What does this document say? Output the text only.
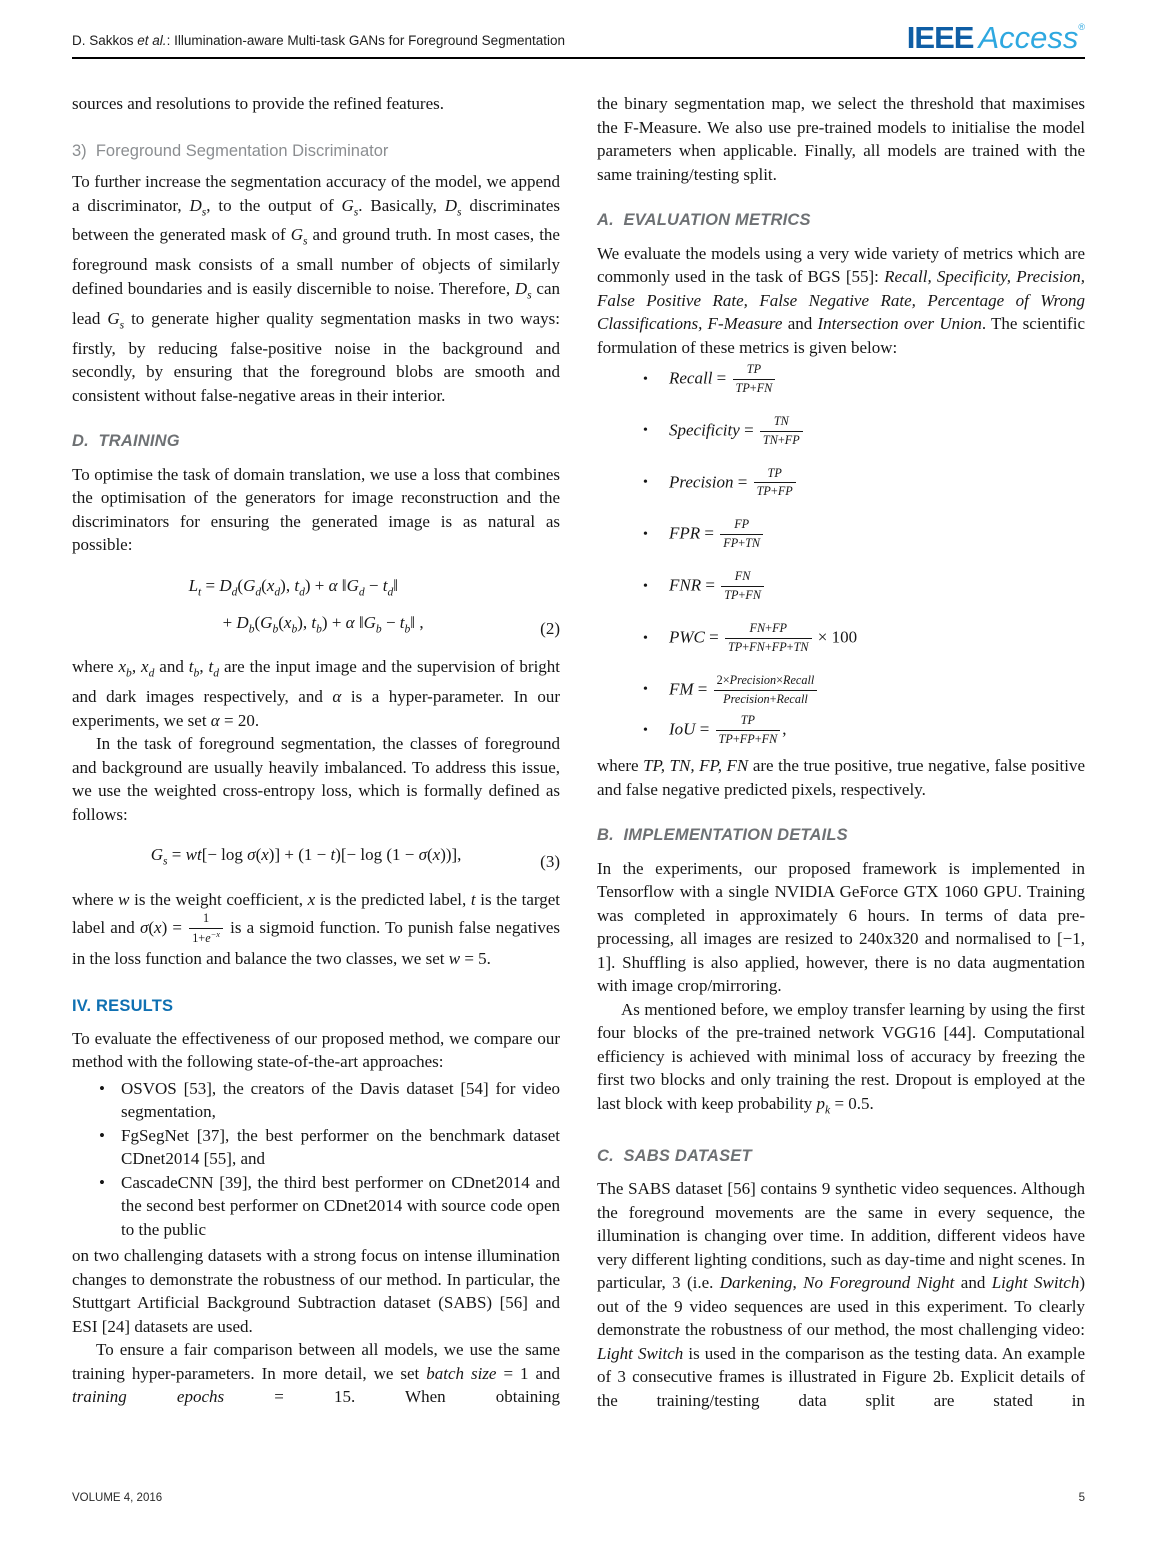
D. Sakkos et al.: Illumination-aware Multi-task GANs for Foreground Segmentation	IEEE Access®

sources and resolutions to provide the refined features.

3)  Foreground Segmentation Discriminator

To further increase the segmentation accuracy of the model, we append a discriminator, $D_s$, to the output of $G_s$. Basically, $D_s$ discriminates between the generated mask of $G_s$ and ground truth. In most cases, the foreground mask consists of a small number of objects of similarly defined boundaries and is easily discernible to noise. Therefore, $D_s$ can lead $G_s$ to generate higher quality segmentation masks in two ways: firstly, by reducing false-positive noise in the background and secondly, by ensuring that the foreground blobs are smooth and consistent without false-negative areas in their interior.

D.  TRAINING

To optimise the task of domain translation, we use a loss that combines the optimisation of the generators for image reconstruction and the discriminators for ensuring the generated image is as natural as possible:

$L_t = D_d(G_d(x_d)$, $t_d) + \alpha$ $‖G_d$ − $t_d‖$
+ $D_b(G_b(x_b)$, $t_b) + \alpha$ $‖G_b$ − $t_b‖$ ,	(2)

where $x_b$, $x_d$ and $t_b$, $t_d$ are the input image and the supervision of bright and dark images respectively, and α is a hyper-parameter. In our experiments, we set α = 20.

In the task of foreground segmentation, the classes of foreground and background are usually heavily imbalanced. To address this issue, we use the weighted cross-entropy loss, which is formally defined as follows:

$G_s = wt[- \log \sigma(x)] + (1 - t)[- \log (1 - \sigma(x))]$,	(3)

where w is the weight coefficient, x is the predicted label, t is the target label and $\sigma(x) = \frac{1}{1+e^{-x}}$ is a sigmoid function. To punish false negatives in the loss function and balance the two classes, we set w = 5.

IV. RESULTS

To evaluate the effectiveness of our proposed method, we compare our method with the following state-of-the-art approaches:

• OSVOS [53], the creators of the Davis dataset [54] for video segmentation,
• FgSegNet [37], the best performer on the benchmark dataset CDnet2014 [55], and
• CascadeCNN [39], the third best performer on CDnet2014 and the second best performer on CDnet2014 with source code open to the public

on two challenging datasets with a strong focus on intense illumination changes to demonstrate the robustness of our method. In particular, the Stuttgart Artificial Background Subtraction dataset (SABS) [56] and ESI [24] datasets are used.

To ensure a fair comparison between all models, we use the same training hyper-parameters. In more detail, we set batch size = 1 and training epochs = 15. When obtaining

the binary segmentation map, we select the threshold that maximises the F-Measure. We also use pre-trained models to initialise the model parameters when applicable. Finally, all models are trained with the same training/testing split.

A.  EVALUATION METRICS

We evaluate the models using a very wide variety of metrics which are commonly used in the task of BGS [55]: Recall, Specificity, Precision, False Positive Rate, False Negative Rate, Percentage of Wrong Classifications, F-Measure and Intersection over Union. The scientific formulation of these metrics is given below:

•	Recall = $\frac{TP}{TP+FN}$
•	Specificity = $\frac{TN}{TN+FP}$
•	Precision = $\frac{TP}{TP+FP}$
•	FPR = $\frac{FP}{FP+TN}$
•	FNR = $\frac{FN}{TP+FN}$
•	PWC = $\frac{FN+FP}{TP+FN+FP+TN} \times 100$
•	FM = $\frac{\text{2×Precision×Recall}}{\text{Precision+Recall}}$
•	IoU = $\frac{TP}{TP+FP+FN}$ ,

where TP, TN, FP, FN are the true positive, true negative, false positive and false negative predicted pixels, respectively.

B.  IMPLEMENTATION DETAILS

In the experiments, our proposed framework is implemented in Tensorflow with a single NVIDIA GeForce GTX 1060 GPU. Training was completed in approximately 6 hours. In terms of data pre-processing, all images are resized to 240x320 and normalised to [−1, 1]. Shuffling is also applied, however, there is no data augmentation with image crop/mirroring.

As mentioned before, we employ transfer learning by using the first four blocks of the pre-trained network VGG16 [44]. Computational efficiency is achieved with minimal loss of accuracy by freezing the first two blocks and only training the rest. Dropout is employed at the last block with keep probability $p_k = 0.5$.

C.  SABS DATASET

The SABS dataset [56] contains 9 synthetic video sequences. Although the foreground movements are the same in every sequence, the illumination is changing over time. In addition, different videos have very different lighting conditions, such as day-time and night scenes. In particular, 3 (i.e. Darkening, No Foreground Night and Light Switch) out of the 9 video sequences are used in this experiment. To clearly demonstrate the robustness of our method, the most challenging video: Light Switch is used in the comparison as the testing data. An example of 3 consecutive frames is illustrated in Figure 2b. Explicit details of the training/testing data split are stated in

VOLUME 4, 2016	5
